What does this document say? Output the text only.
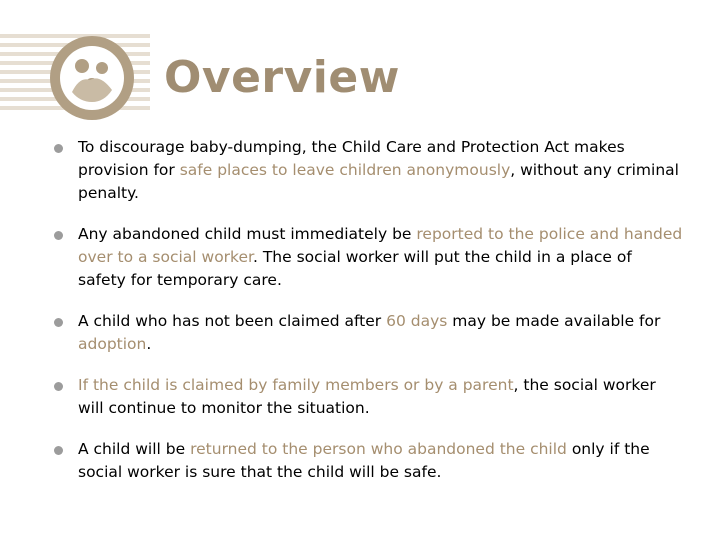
Overview

To discourage baby-dumping, the Child Care and Protection Act makes provision for safe places to leave children anonymously, without any criminal penalty.

Any abandoned child must immediately be reported to the police and handed over to a social worker. The social worker will put the child in a place of safety for temporary care.

A child who has not been claimed after 60 days may be made available for adoption.

If the child is claimed by family members or by a parent, the social worker will continue to monitor the situation.

A child will be returned to the person who abandoned the child only if the social worker is sure that the child will be safe.
